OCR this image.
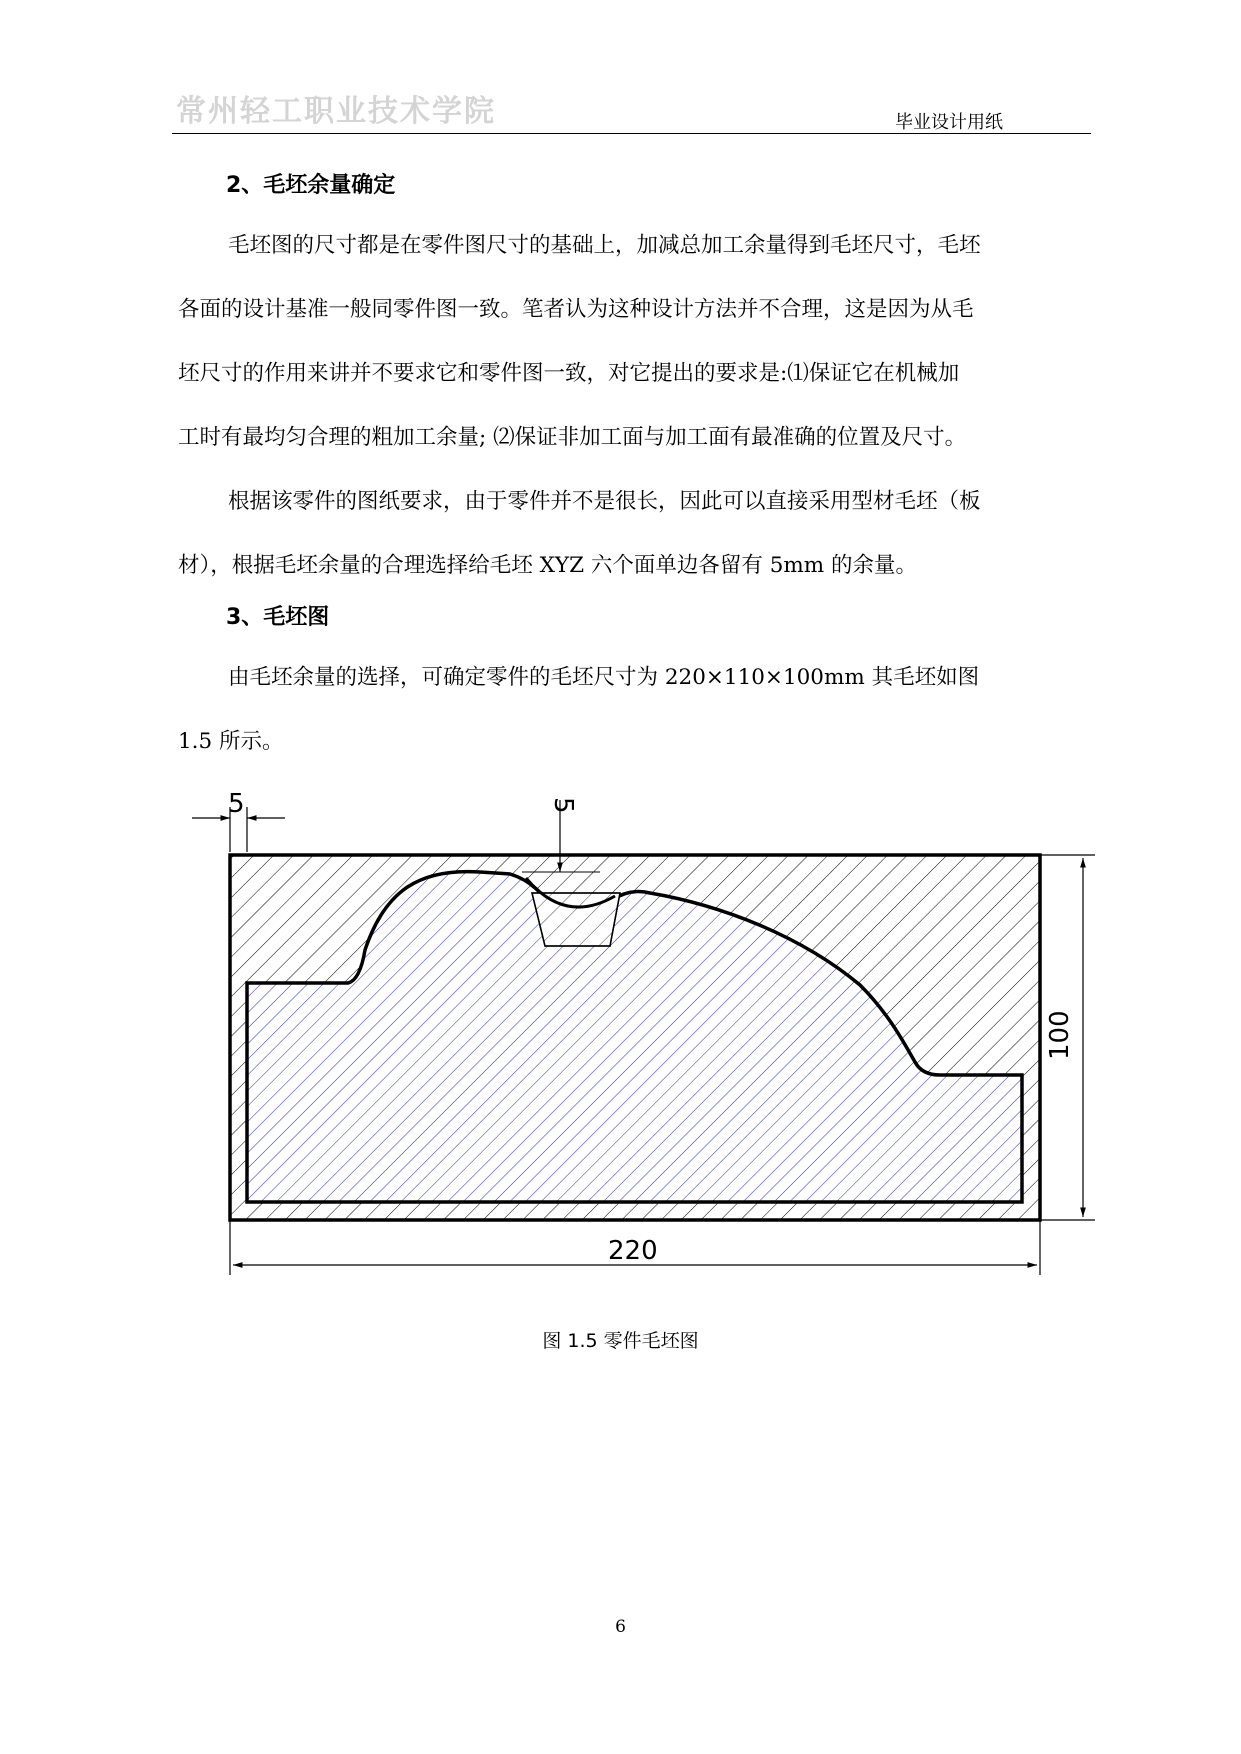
常州轻工职业技术学院	毕业设计用纸
2、毛坯余量确定
毛坯图的尺寸都是在零件图尺寸的基础上，加减总加工余量得到毛坯尺寸，毛坯
各面的设计基准一般同零件图一致。笔者认为这种设计方法并不合理，这是因为从毛
坯尺寸的作用来讲并不要求它和零件图一致，对它提出的要求是:⑴保证它在机械加
工时有最均匀合理的粗加工余量; ⑵保证非加工面与加工面有最准确的位置及尺寸。
根据该零件的图纸要求，由于零件并不是很长，因此可以直接采用型材毛坯（板
材），根据毛坯余量的合理选择给毛坯 XYZ 六个面单边各留有 5mm 的余量。
3、毛坯图
由毛坯余量的选择，可确定零件的毛坯尺寸为 220×110×100mm 其毛坯如图
1.5 所示。
5	5
100
220
图 1.5 零件毛坯图
6
